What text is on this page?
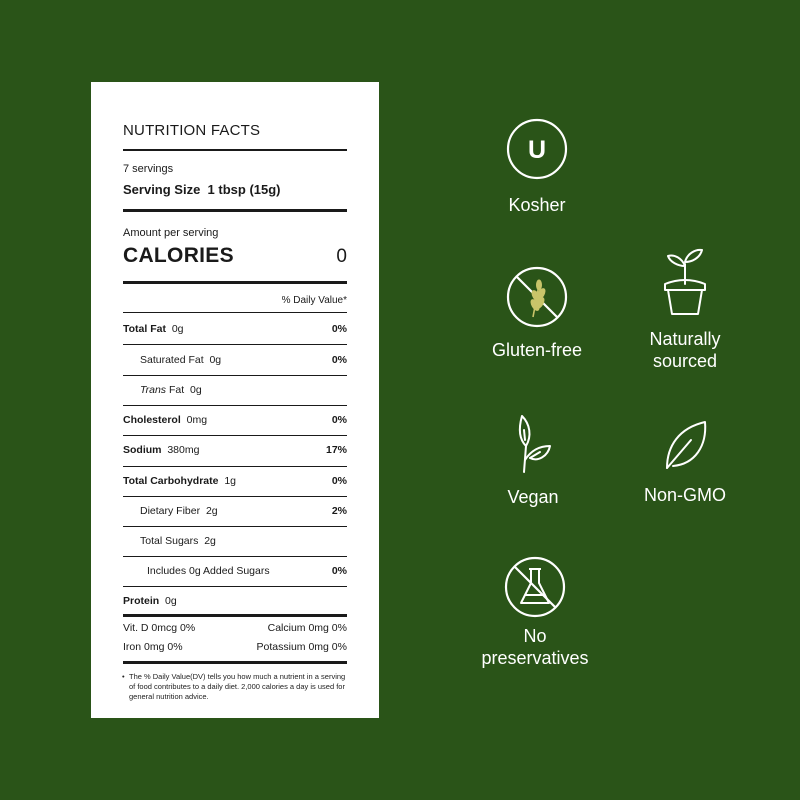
NUTRITION FACTS
7 servings
Serving Size 1 tbsp (15g)
Amount per serving
CALORIES	0
% Daily Value*
Total Fat 0g	0%
Saturated Fat 0g	0%
Trans Fat 0g
Cholesterol 0mg	0%
Sodium 380mg	17%
Total Carbohydrate 1g	0%
Dietary Fiber 2g	2%
Total Sugars 2g
Includes 0g Added Sugars	0%
Protein 0g
Vit. D 0mcg 0%	Calcium 0mg 0%
Iron 0mg 0%	Potassium 0mg 0%
• The % Daily Value(DV) tells you how much a nutrient in a serving of food contributes to a daily diet. 2,000 calories a day is used for general nutrition advice.
U
Kosher
Gluten-free
Naturally
sourced
Vegan	Non-GMO
No
preservatives
